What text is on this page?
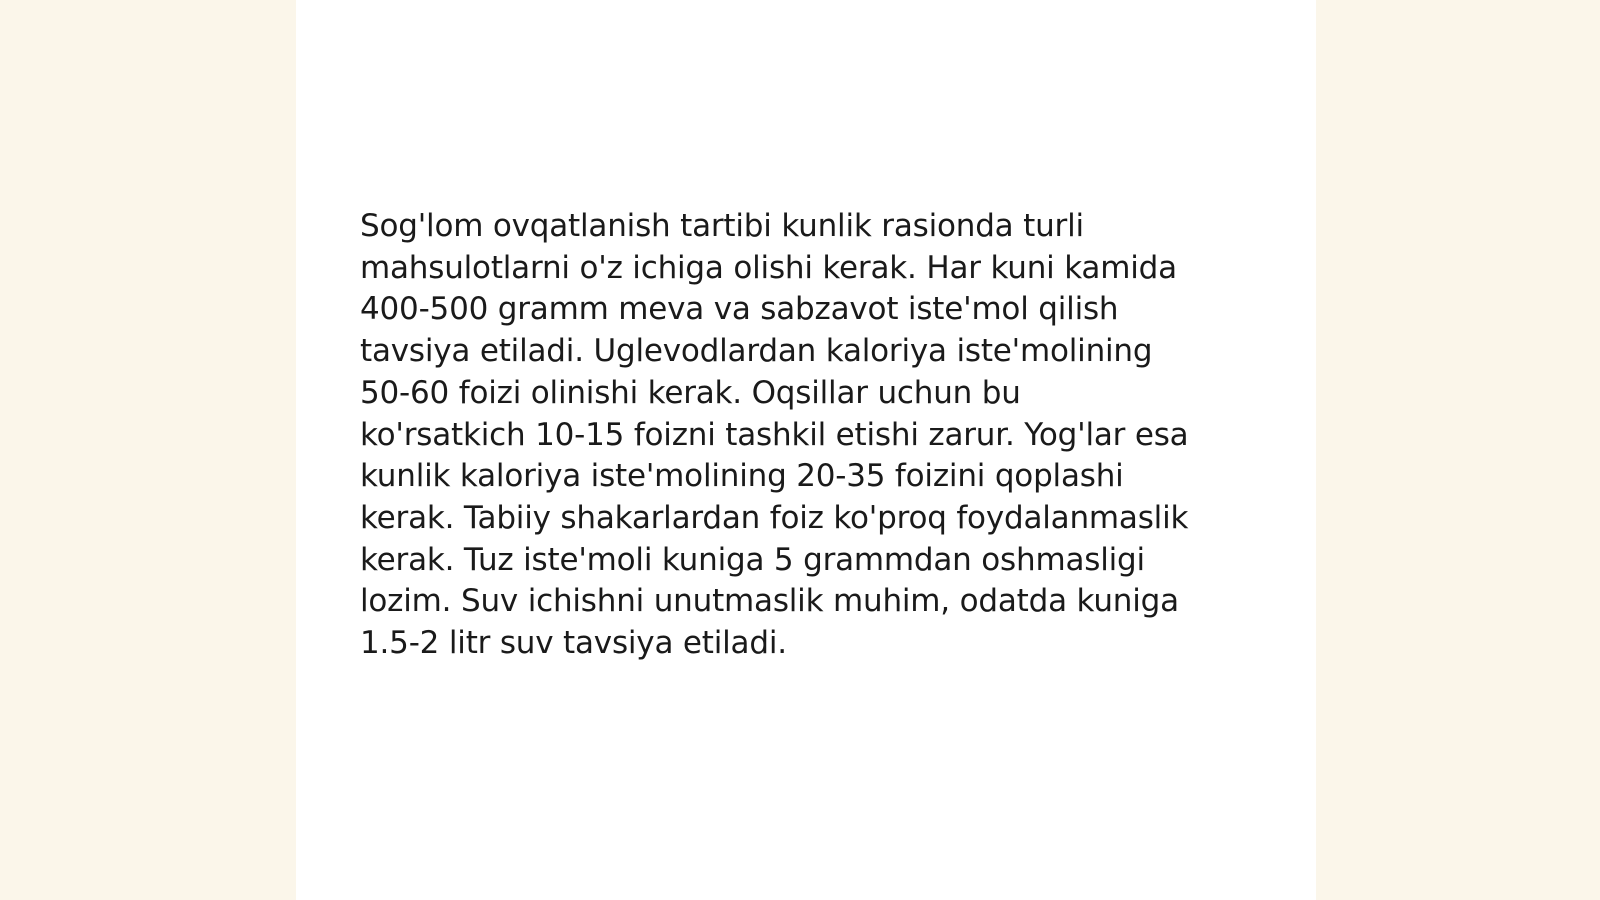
Sog'lom ovqatlanish tartibi kunlik rasionda turli
mahsulotlarni o'z ichiga olishi kerak. Har kuni kamida
400-500 gramm meva va sabzavot iste'mol qilish
tavsiya etiladi. Uglevodlardan kaloriya iste'molining
50-60 foizi olinishi kerak. Oqsillar uchun bu
ko'rsatkich 10-15 foizni tashkil etishi zarur. Yog'lar esa
kunlik kaloriya iste'molining 20-35 foizini qoplashi
kerak. Tabiiy shakarlardan foiz ko'proq foydalanmaslik
kerak. Tuz iste'moli kuniga 5 grammdan oshmasligi
lozim. Suv ichishni unutmaslik muhim, odatda kuniga
1.5-2 litr suv tavsiya etiladi.
